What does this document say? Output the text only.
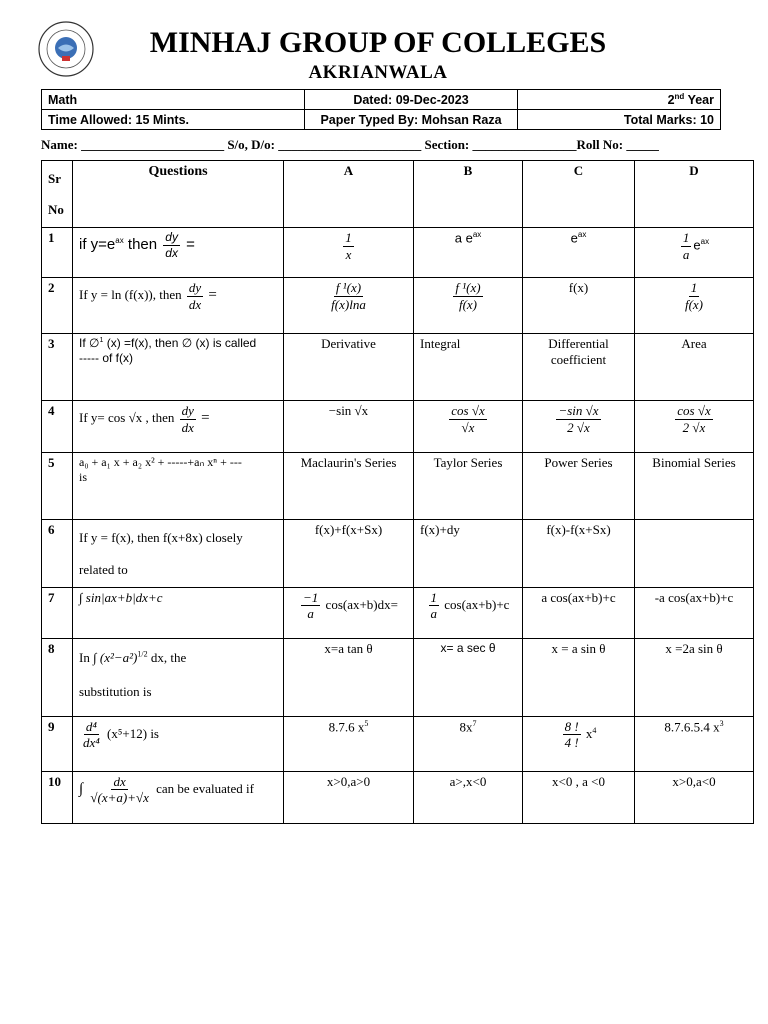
MINHAJ GROUP OF COLLEGES
AKRIANWALA
Math	Dated: 09-Dec-2023	2nd Year
Time Allowed: 15 Mints.	Paper Typed By: Mohsan Raza	Total Marks: 10
Name: ______________________ S/o, D/o: ______________________ Section: ________________Roll No: _____
Sr
No	Questions	A	B	C	D
1	if $y=e^{ax}$ then $\frac{dy}{dx}$ =	$\frac{1}{x}$	a $e^{ax}$	$e^{ax}$	$\frac{1}{a} e^{ax}$
2	If y = ln (f(x)), then $\frac{dy}{dx}$ =	$\frac{\text{f ¹(x)}}{f(x)\ln a}$	$\frac{\text{f ¹(x)}}{f(x)}$	f(x)	$\frac{1}{f(x)}$

3	If ∅$^1$ (x) =f(x), then ∅ (x) is called
----- of f(x)	Derivative	Integral	Differential coefficient	Area
4	If y= cos √x , then $\frac{dy}{dx}$ =	−sin √x	$\frac{\cos √x}{√x}$	$\frac{-\sin √x}{2 √x}$	$\frac{\cos √x}{2 √x}$

5	a₀ + a₁ x + a₂ x² + -----+aₙ xⁿ + ---
is	Maclaurin's Series	Taylor Series	Power Series	Binomial Series
6	If y = f(x), then f(x+8x) closely
related to	f(x)+f(x+Sx)	f(x)+dy	f(x)-f(x+Sx)	
7	∫ sin|ax+b|dx+c	$\frac{-1}{a} \cos(ax+b)dx=$	$\frac{1}{a} \cos(ax+b)+c$	a cos(ax+b)+c	-a cos(ax+b)+c
8	In ∫ $(x^2-a^2)^{1/2}$ dx, the
substitution is	x=a tan θ	x= a sec θ	x = a sin θ	x =2a sin θ
9	$\frac{\text{d⁴}}{\text{dx⁴}} (x^5+12)$ is	8.7.6 $x^5$	$8x^7$	$\frac{8 !}{4 !} x^4$	8.7.6.5.4 $x^3$
10	∫ $\frac{dx}{√(x+a)+√x}$ can be evaluated if	x>0,a>0	a>,x<0	x<0 , a <0	x>0,a<0
